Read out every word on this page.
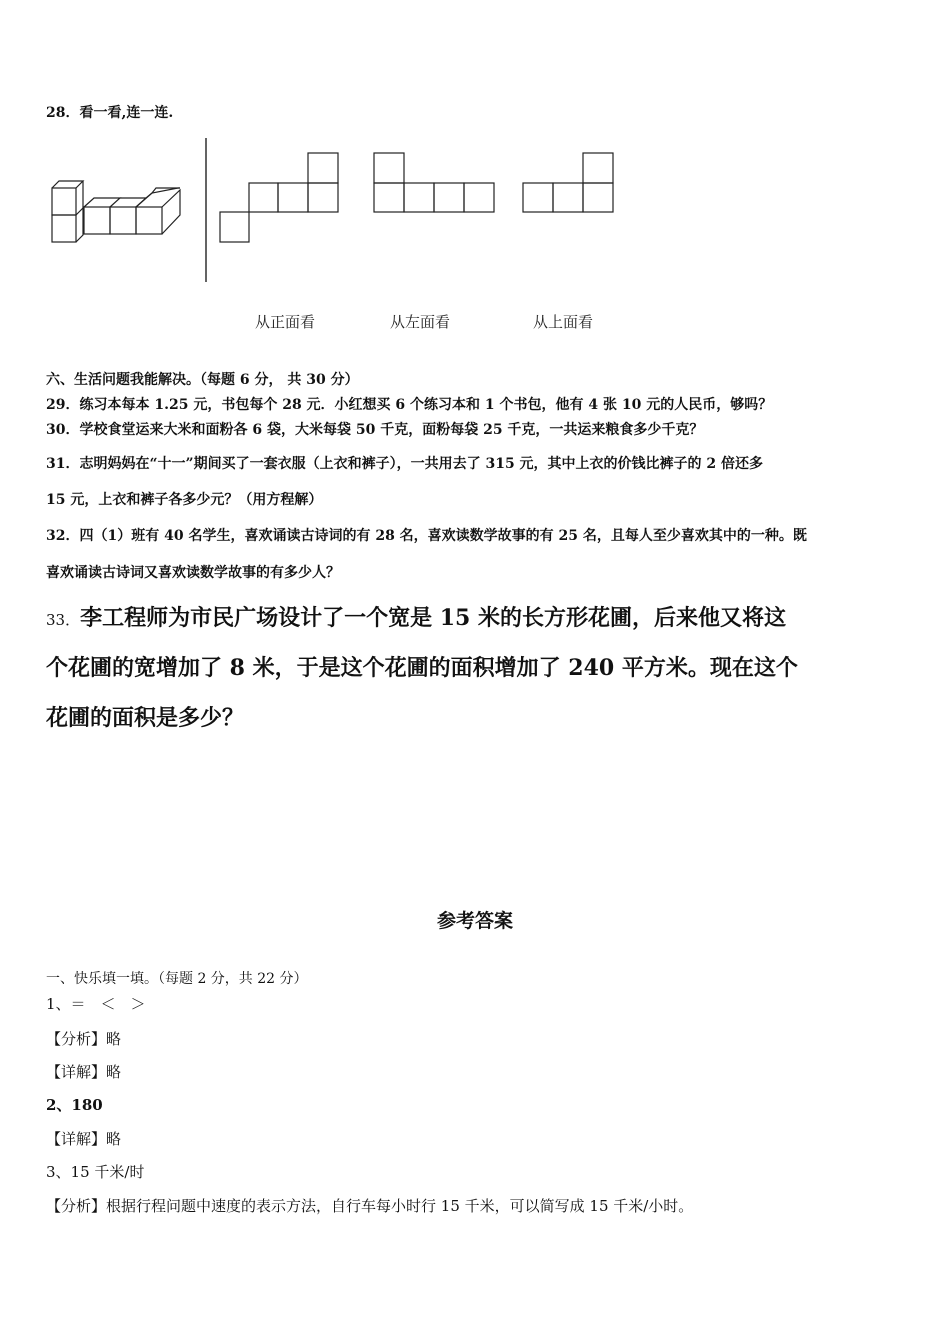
28．看一看,连一连.
从正面看	从左面看	从上面看
六、生活问题我能解决。（每题 6 分， 共 30 分）
29．练习本每本 1.25 元，书包每个 28 元．小红想买 6 个练习本和 1 个书包，他有 4 张 10 元的人民币，够吗？
30．学校食堂运来大米和面粉各 6 袋，大米每袋 50 千克，面粉每袋 25 千克，一共运来粮食多少千克？
31．志明妈妈在“十一”期间买了一套衣服（上衣和裤子），一共用去了 315 元，其中上衣的价钱比裤子的 2 倍还多
15 元，上衣和裤子各多少元？（用方程解）
32．四（1）班有 40 名学生，喜欢诵读古诗词的有 28 名，喜欢读数学故事的有 25 名，且每人至少喜欢其中的一种。既
喜欢诵读古诗词又喜欢读数学故事的有多少人？
33．李工程师为市民广场设计了一个宽是 15 米的长方形花圃，后来他又将这
个花圃的宽增加了 8 米，于是这个花圃的面积增加了 240 平方米。现在这个
花圃的面积是多少？
参考答案
一、快乐填一填。（每题 2 分，共 22 分）
1、＝　＜　＞
【分析】略
【详解】略
2、180
【详解】略
3、15 千米/时
【分析】根据行程问题中速度的表示方法，自行车每小时行 15 千米，可以简写成 15 千米/小时。
